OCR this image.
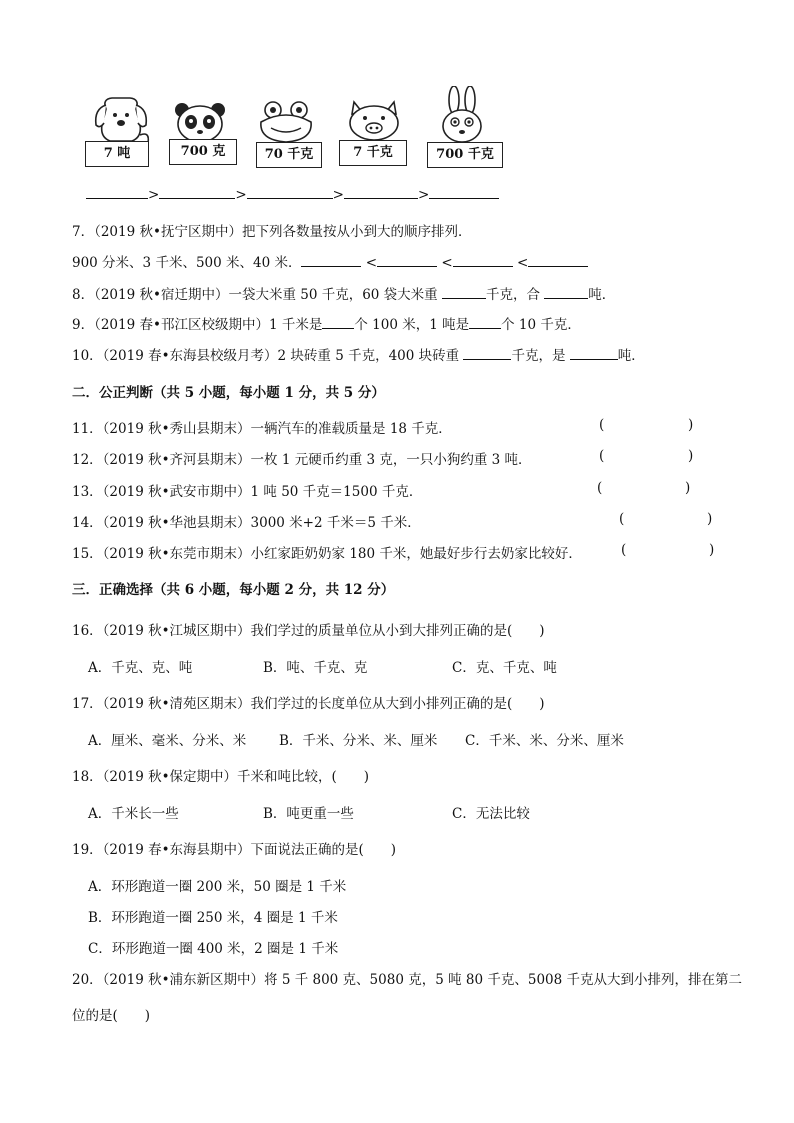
7 吨	700 克	70 千克	7 千克	700 千克
>	>	>	>
7．（2019 秋•抚宁区期中）把下列各数量按从小到大的顺序排列．
900 分米、3 千米、500 米、40 米．	<	<	<
8．（2019 秋•宿迁期中）一袋大米重 50 千克，60 袋大米重	千克，合	吨．
9．（2019 春•邗江区校级期中）1 千米是 个 100 米，1 吨是 个 10 千克．
10．（2019 春•东海县校级月考）2 块砖重 5 千克，400 块砖重	千克，是	吨．
二．公正判断（共 5 小题，每小题 1 分，共 5 分）
11．（2019 秋•秀山县期末）一辆汽车的准载质量是 18 千克．	(	)
12．（2019 秋•齐河县期末）一枚 1 元硬币约重 3 克，一只小狗约重 3 吨．	(	)
13．（2019 秋•武安市期中）1 吨 50 千克＝1500 千克．	(	)
14．（2019 秋•华池县期末）3000 米+2 千米＝5 千米．	(	)
15．（2019 秋•东莞市期末）小红家距奶奶家 180 千米，她最好步行去奶家比较好．	(	)
三．正确选择（共 6 小题，每小题 2 分，共 12 分）
16．（2019 秋•江城区期中）我们学过的质量单位从小到大排列正确的是(　　)
A．千克、克、吨	B．吨、千克、克	C．克、千克、吨
17．（2019 秋•清苑区期末）我们学过的长度单位从大到小排列正确的是(　　)
A．厘米、毫米、分米、米 B．千米、分米、米、厘米 C．千米、米、分米、厘米
18．（2019 秋•保定期中）千米和吨比较，(　　)
A．千米长一些	B．吨更重一些	C．无法比较
19．（2019 春•东海县期中）下面说法正确的是(　　)
A．环形跑道一圈 200 米，50 圈是 1 千米
B．环形跑道一圈 250 米，4 圈是 1 千米
C．环形跑道一圈 400 米，2 圈是 1 千米
20．（2019 秋•浦东新区期中）将 5 千 800 克、5080 克，5 吨 80 千克、5008 千克从大到小排列，排在第二
位的是(　　)
